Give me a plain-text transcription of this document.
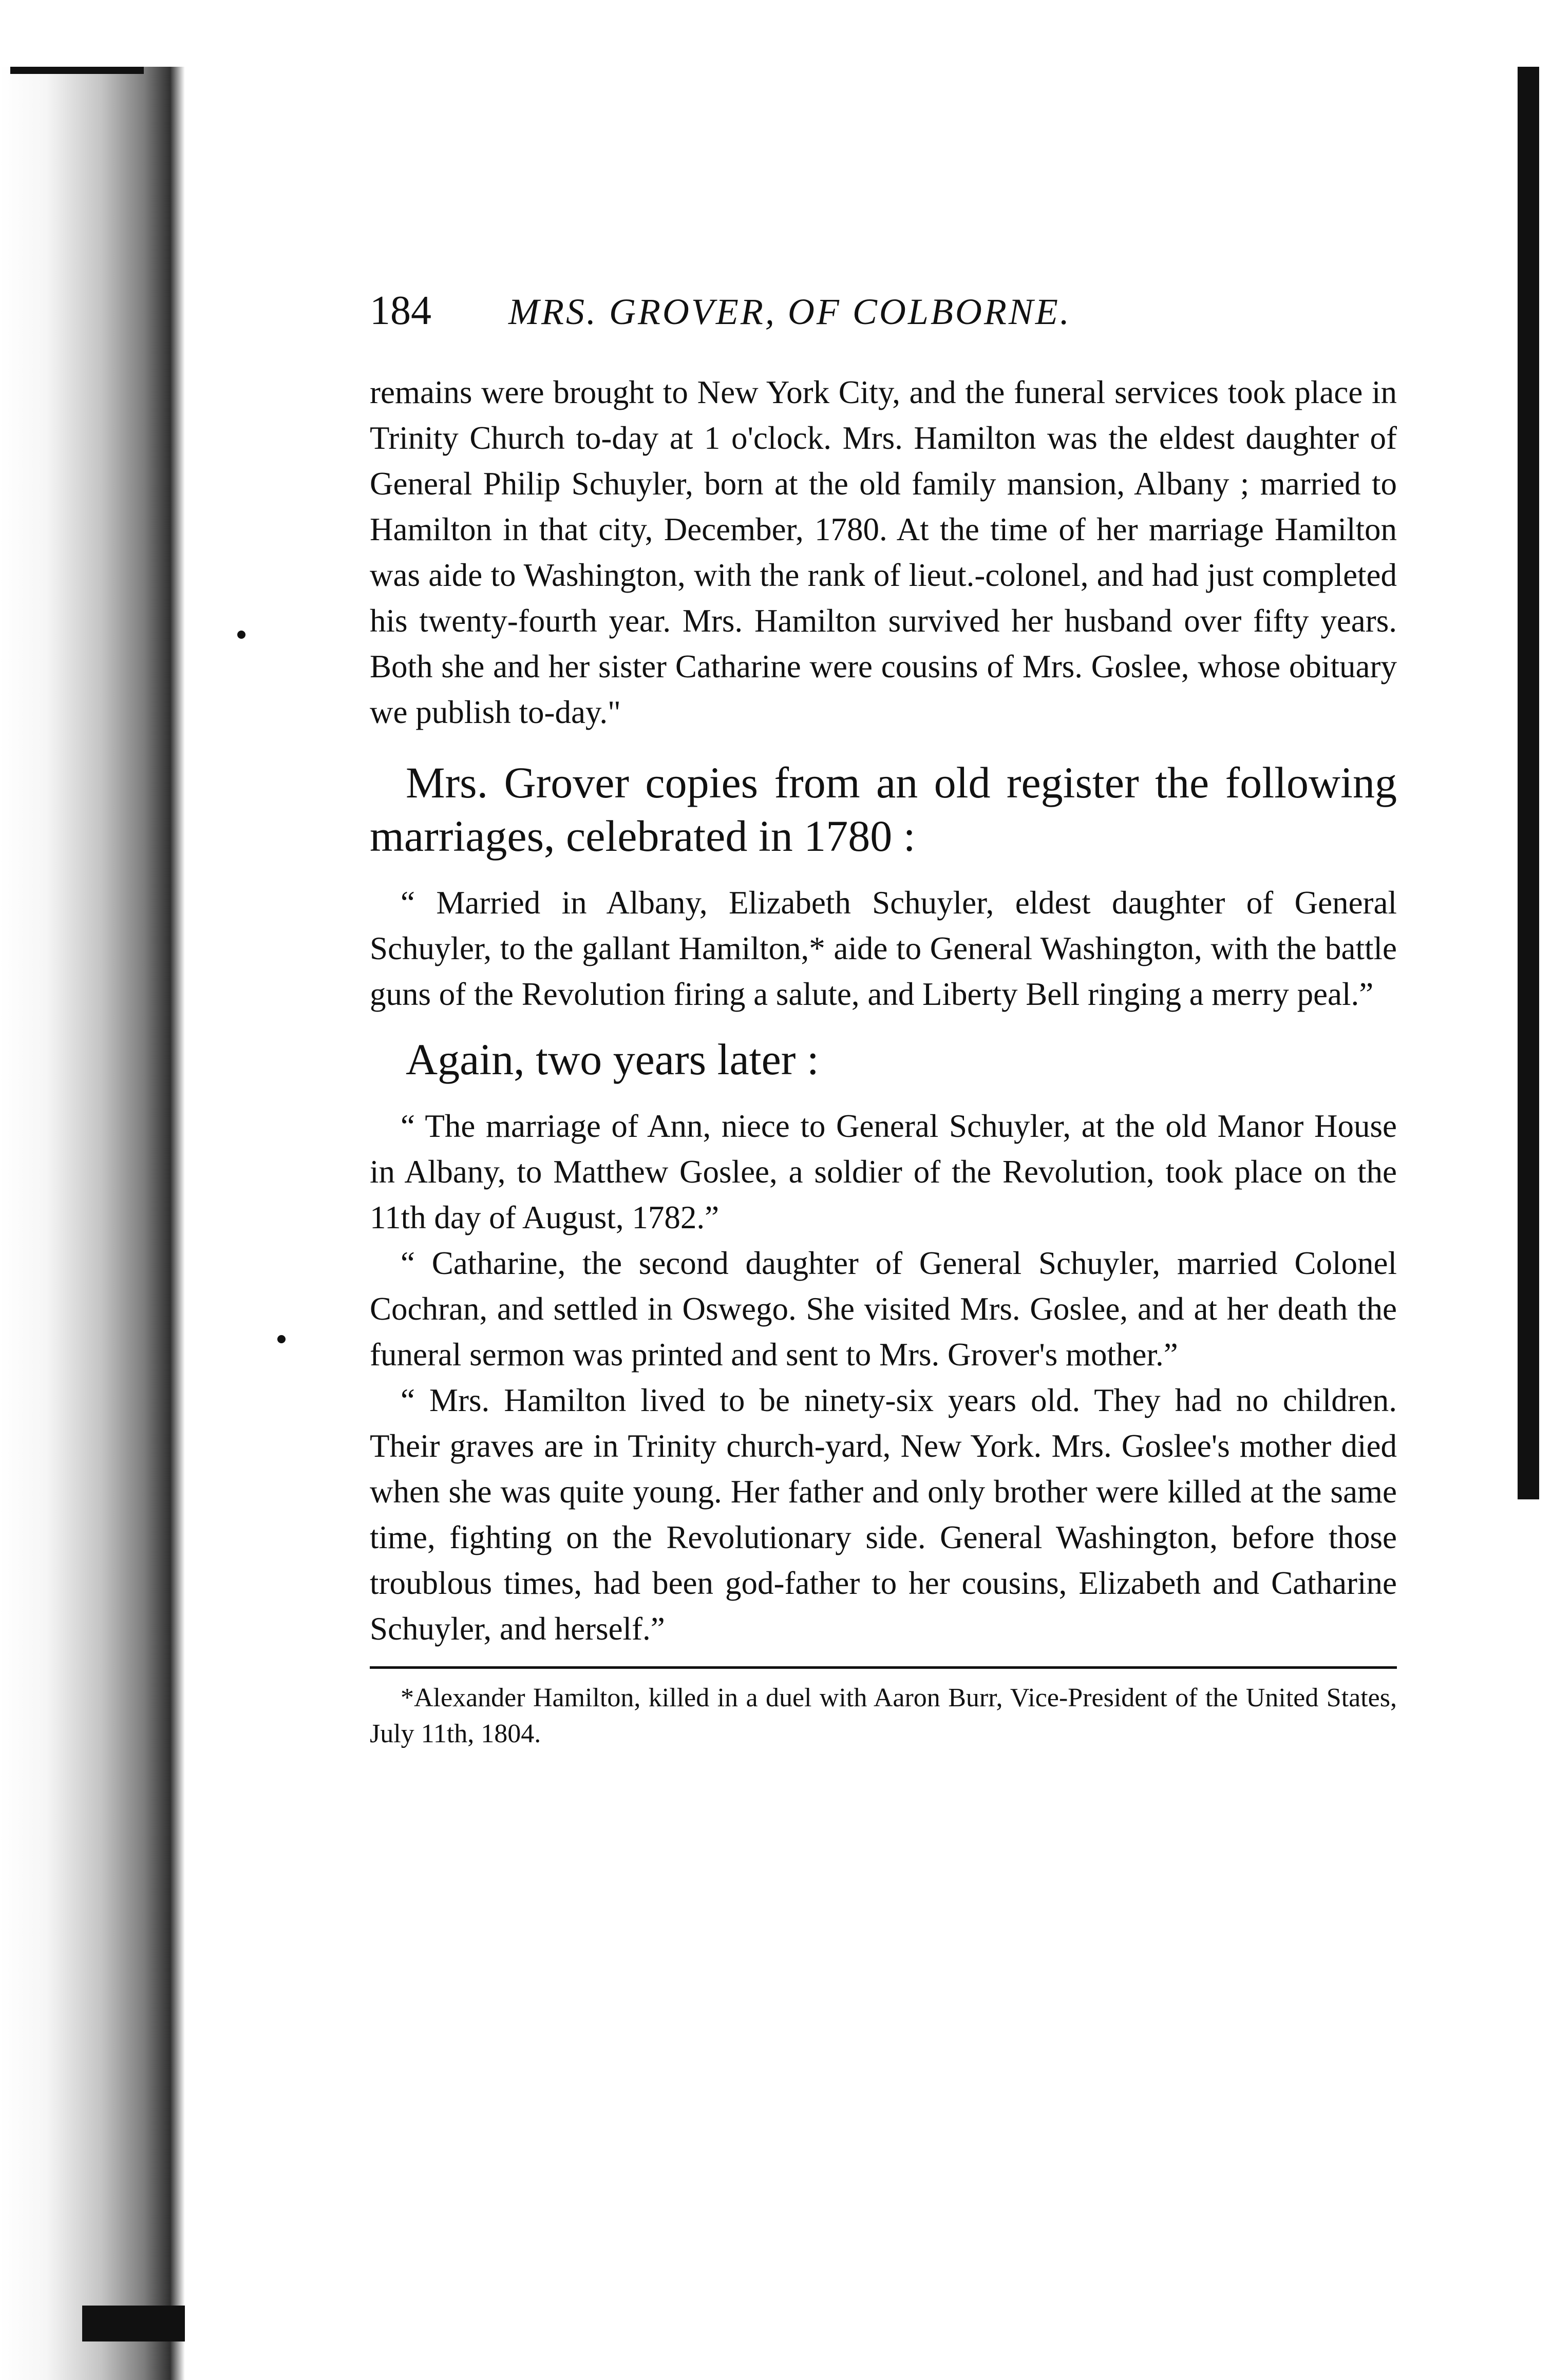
184	MRS. GROVER, OF COLBORNE.

remains were brought to New York City, and the funeral services took place in Trinity Church to-day at 1 o'clock. Mrs. Hamilton was the eldest daughter of General Philip Schuyler, born at the old family mansion, Albany ; married to Hamilton in that city, December, 1780. At the time of her marriage Hamilton was aide to Washington, with the rank of lieut.-colonel, and had just completed his twenty-fourth year. Mrs. Hamilton survived her husband over fifty years. Both she and her sister Catharine were cousins of Mrs. Goslee, whose obituary we publish to-day."

Mrs. Grover copies from an old register the following marriages, celebrated in 1780 :

“ Married in Albany, Elizabeth Schuyler, eldest daughter of General Schuyler, to the gallant Hamilton,* aide to General Washington, with the battle guns of the Revolution firing a salute, and Liberty Bell ringing a merry peal.”

Again, two years later :

“ The marriage of Ann, niece to General Schuyler, at the old Manor House in Albany, to Matthew Goslee, a soldier of the Revolution, took place on the 11th day of August, 1782.”

“ Catharine, the second daughter of General Schuyler, married Colonel Cochran, and settled in Oswego. She visited Mrs. Goslee, and at her death the funeral sermon was printed and sent to Mrs. Grover's mother.”

“ Mrs. Hamilton lived to be ninety-six years old. They had no children. Their graves are in Trinity church-yard, New York. Mrs. Goslee's mother died when she was quite young. Her father and only brother were killed at the same time, fighting on the Revolutionary side. General Washington, before those troublous times, had been god-father to her cousins, Elizabeth and Catharine Schuyler, and herself.”

*Alexander Hamilton, killed in a duel with Aaron Burr, Vice-President of the United States, July 11th, 1804.
